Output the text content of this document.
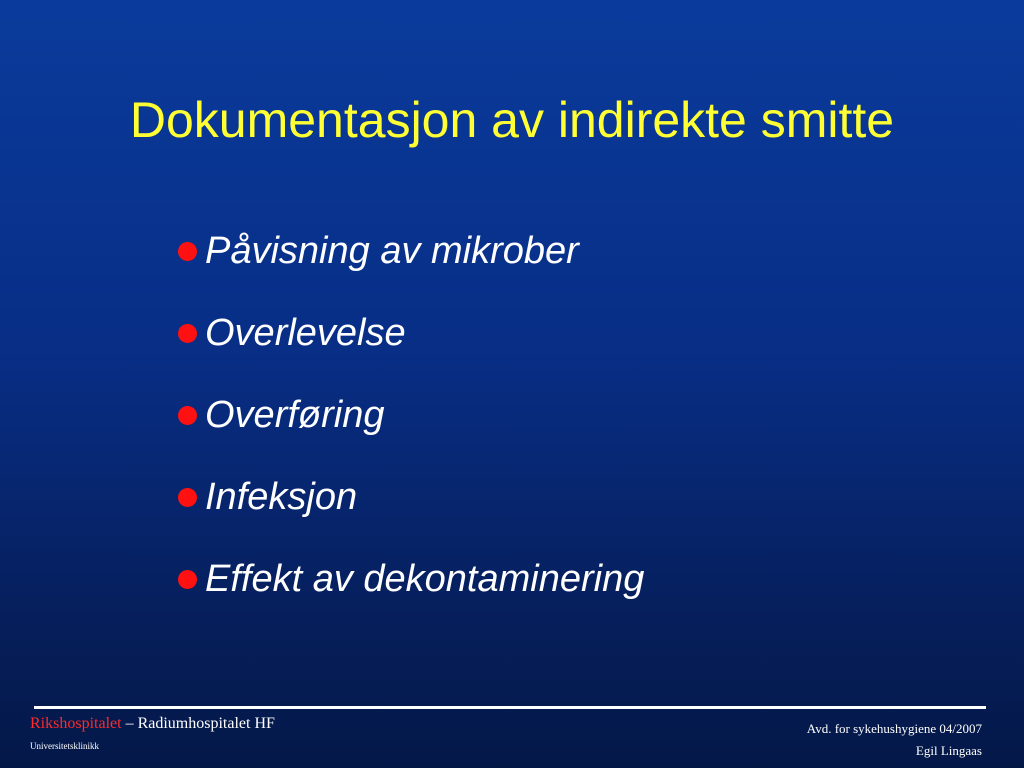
Dokumentasjon av indirekte smitte
Påvisning av mikrober
Overlevelse
Overføring
Infeksjon
Effekt av dekontaminering
Rikshospitalet – Radiumhospitalet HF
Universitetsklinikk
Avd. for sykehushygiene 04/2007
Egil Lingaas
